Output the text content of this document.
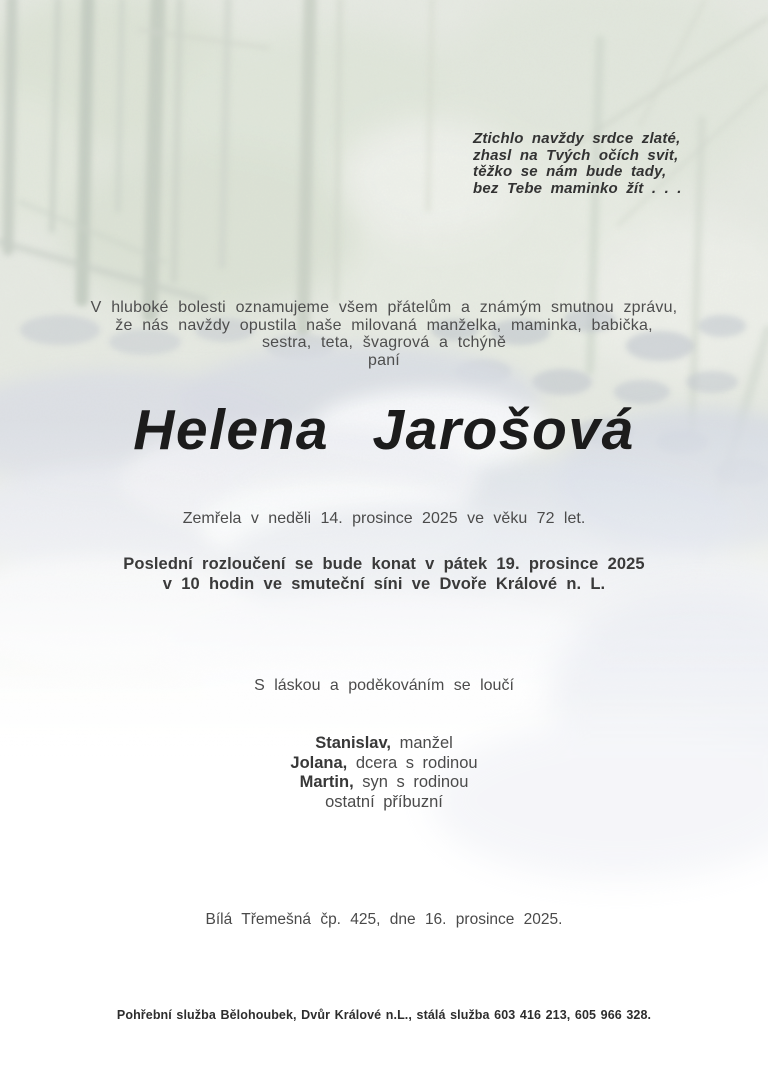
Ztichlo navždy srdce zlaté,
zhasl na Tvých očích svit,
těžko se nám bude tady,
bez Tebe maminko žít . . .
V hluboké bolesti oznamujeme všem přátelům a známým smutnou zprávu,
že nás navždy opustila naše milovaná manželka, maminka, babička,
sestra, teta, švagrová a tchýně
paní
Helena Jarošová
Zemřela v neděli 14. prosince 2025 ve věku 72 let.
Poslední rozloučení se bude konat v pátek 19. prosince 2025
v 10 hodin ve smuteční síni ve Dvoře Králové n. L.
S láskou a poděkováním se loučí
Stanislav, manžel
Jolana, dcera s rodinou
Martin, syn s rodinou
ostatní příbuzní
Bílá Třemešná čp. 425, dne 16. prosince 2025.
Pohřební služba Bělohoubek, Dvůr Králové n.L., stálá služba 603 416 213, 605 966 328.
